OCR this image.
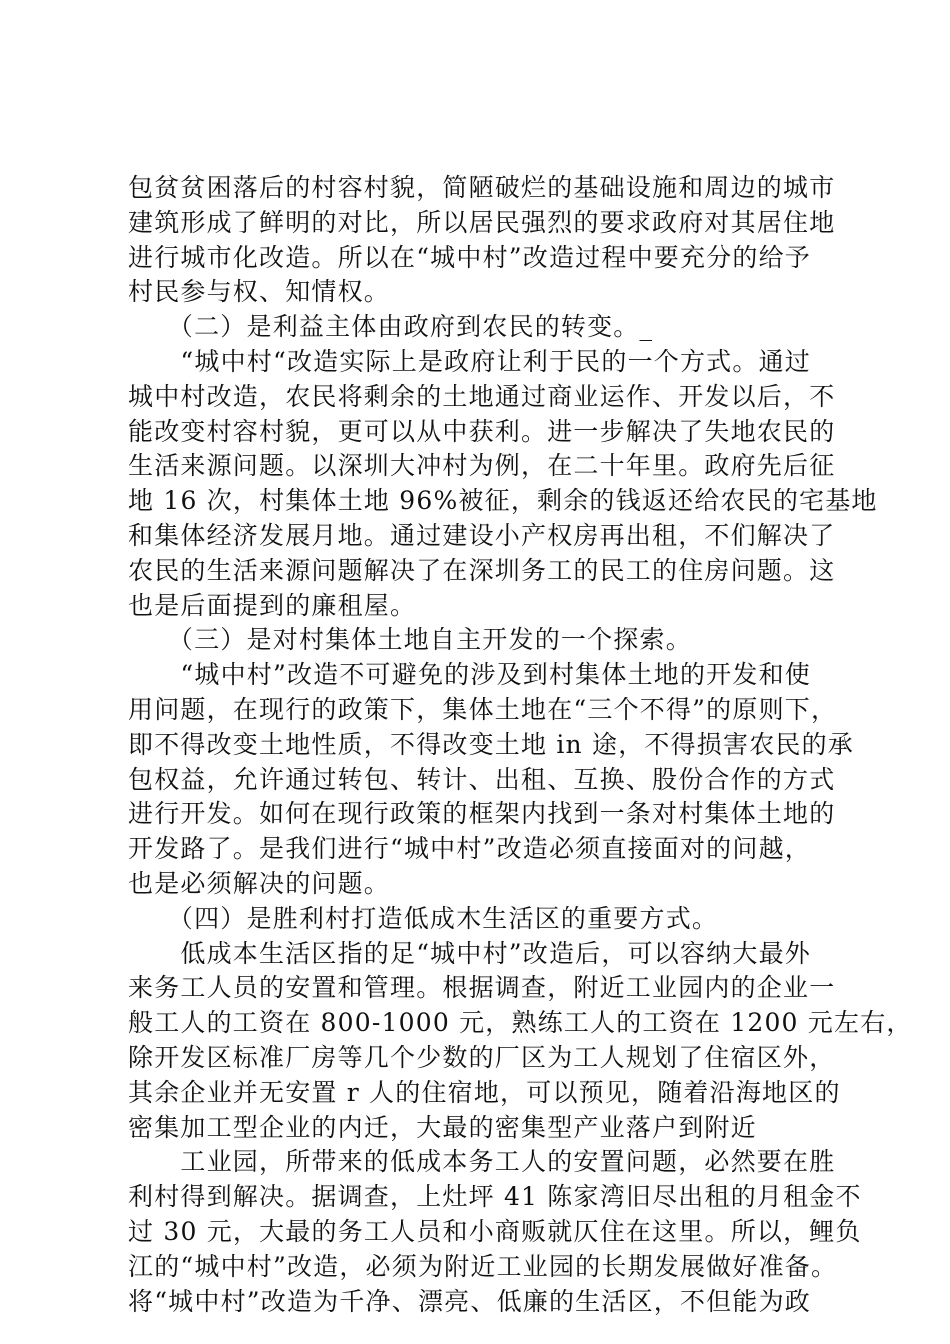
包贫贫困落后的村容村貌，简陋破烂的基础设施和周边的城市
建筑形成了鲜明的对比，所以居民强烈的要求政府对其居住地
进行城市化改造。所以在“城中村”改造过程中要充分的给予
村民参与权、知情权。
　　（二）是利益主体由政府到农民的转变。_
　　“城中村“改造实际上是政府让利于民的一个方式。通过
城中村改造，农民将剩余的土地通过商业运作、开发以后，不
能改变村容村貌，更可以从中获利。进一步解决了失地农民的
生活来源问题。以深圳大冲村为例，在二十年里。政府先后征
地 16 次，村集体土地 96%被征，剩余的钱返还给农民的宅基地
和集体经济发展月地。通过建设小产权房再出租，不们解决了
农民的生活来源问题解决了在深圳务工的民工的住房问题。这
也是后面提到的廉租屋。
　　（三）是对村集体土地自主开发的一个探索。
　　“城中村”改造不可避免的涉及到村集体土地的开发和使
用问题，在现行的政策下，集体土地在“三个不得”的原则下，
即不得改变土地性质，不得改变土地 in 途，不得损害农民的承
包权益，允许通过转包、转计、出租、互换、股份合作的方式
进行开发。如何在现行政策的框架内找到一条对村集体土地的
开发路了。是我们进行“城中村”改造必须直接面对的问越，
也是必须解决的问题。
　　（四）是胜利村打造低成木生活区的重要方式。
　　低成本生活区指的足“城中村”改造后，可以容纳大最外
来务工人员的安置和管理。根据调查，附近工业园内的企业一
般工人的工资在 800-1000 元，熟练工人的工资在 1200 元左右，
除开发区标准厂房等几个少数的厂区为工人规划了住宿区外，
其余企业并无安置 r 人的住宿地，可以预见，随着沿海地区的
密集加工型企业的内迁，大最的密集型产业落户到附近
　　工业园，所带来的低成本务工人的安置问题，必然要在胜
利村得到解决。据调查，上灶坪 41 陈家湾旧尽出租的月租金不
过 30 元，大最的务工人员和小商贩就仄住在这里。所以，鲤负
江的“城中村”改造，必须为附近工业园的长期发展做好准备。
将“城中村”改造为千净、漂亮、低廉的生活区，不但能为政
